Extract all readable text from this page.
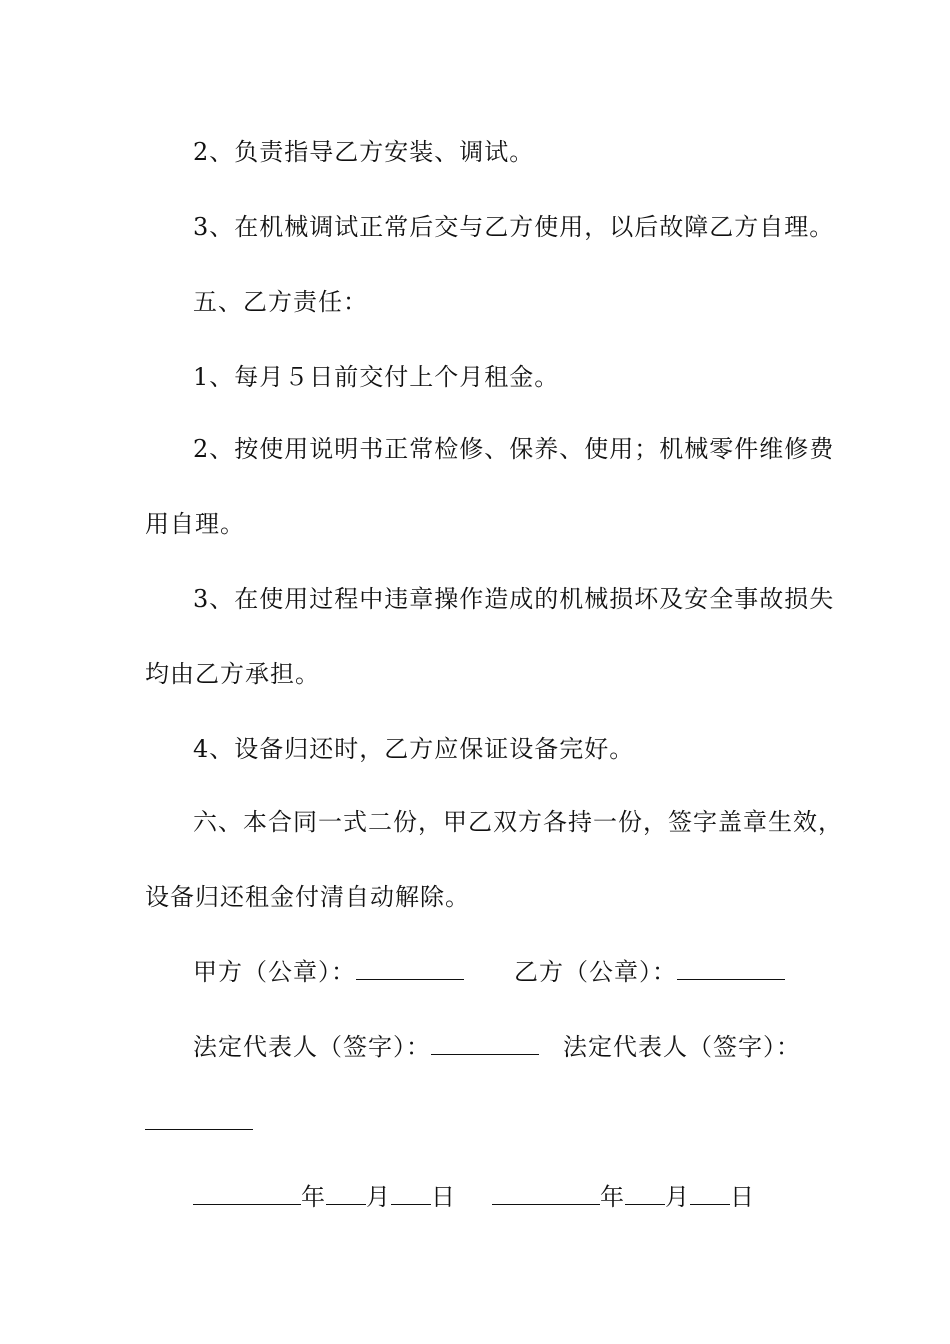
2、负责指导乙方安装、调试。
3、在机械调试正常后交与乙方使用，以后故障乙方自理。
五、乙方责任：
1、每月５日前交付上个月租金。
2、按使用说明书正常检修、保养、使用；机械零件维修费
用自理。
3、在使用过程中违章操作造成的机械损坏及安全事故损失
均由乙方承担。
4、设备归还时，乙方应保证设备完好。
六、本合同一式二份，甲乙双方各持一份，签字盖章生效，
设备归还租金付清自动解除。
甲方（公章）：	乙方（公章）：
法定代表人（签字）：	法定代表人（签字）：
年 月 日	年 月 日
